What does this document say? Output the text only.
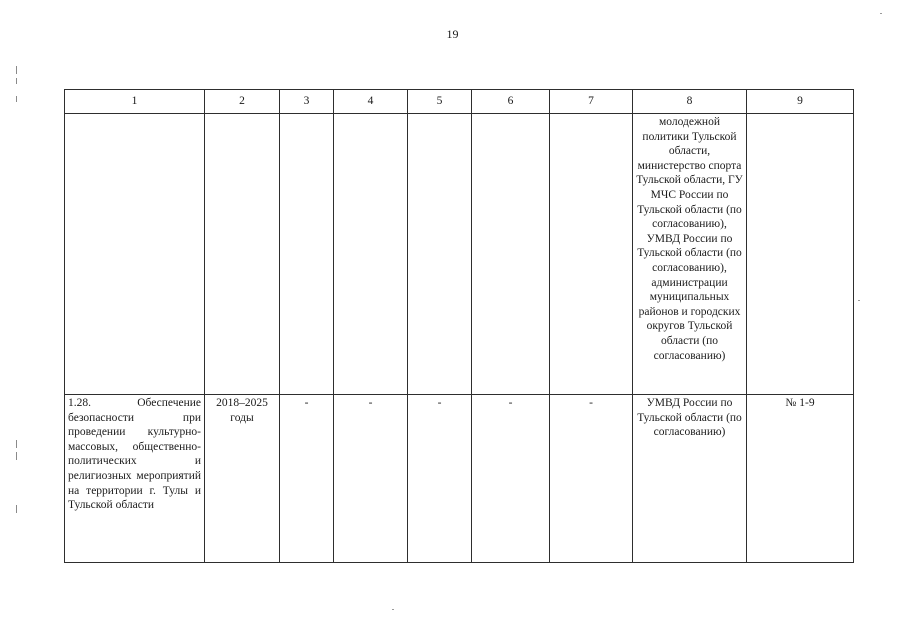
19
1	2	3	4	5	6	7	8	9
							молодежной политики Тульской области, министерство спорта Тульской области, ГУ МЧС России по Тульской области (по согласованию), УМВД России по Тульской области (по согласованию), администрации муниципальных районов и городских округов Тульской области (по согласованию)	
1.28. Обеспечение безопасности при проведении культурно-массовых, общественно-политических и религиозных мероприятий на территории г. Тулы и Тульской области	2018–2025 годы	-	-	-	-	-	УМВД России по Тульской области (по согласованию)	№ 1-9
